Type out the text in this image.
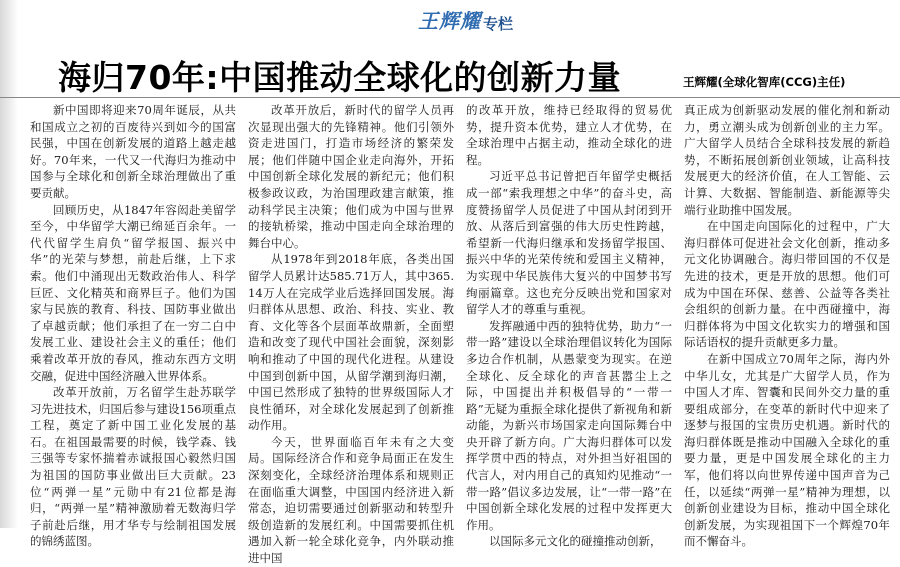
王辉耀 专栏
海归70年:中国推动全球化的创新力量	王辉耀(全球化智库(CCG)主任)

新中国即将迎来70周年诞辰，从共和国成立之初的百废待兴到如今的国富民强，中国在创新发展的道路上越走越好。70年来，一代又一代海归为推动中国参与全球化和创新全球治理做出了重要贡献。

回顾历史，从1847年容闳赴美留学至今，中华留学大潮已绵延百余年。一代代留学生肩负“留学报国、振兴中华”的光荣与梦想，前赴后继，上下求索。他们中涌现出无数政治伟人、科学巨匠、文化精英和商界巨子。他们为国家与民族的教育、科技、国防事业做出了卓越贡献；他们承担了在一穷二白中发展工业、建设社会主义的重任；他们乘着改革开放的春风，推动东西方文明交融，促进中国经济融入世界体系。

改革开放前，万名留学生赴苏联学习先进技术，归国后参与建设156项重点工程，奠定了新中国工业化发展的基石。在祖国最需要的时候，钱学森、钱三强等专家怀揣着赤诚报国心毅然归国为祖国的国防事业做出巨大贡献。23位“两弹一星”元勋中有21位都是海归，“两弹一星”精神激励着无数海归学子前赴后继，用才华专与绘制祖国发展的锦绣蓝图。

改革开放后，新时代的留学人员再次显现出强大的先锋精神。他们引领外资走进国门，打造市场经济的繁荣发展；他们伴随中国企业走向海外，开拓中国创新全球化发展的新纪元；他们积极参政议政，为治国理政建言献策，推动科学民主决策；他们成为中国与世界的接轨桥梁，推动中国走向全球治理的舞台中心。

从1978年到2018年底，各类出国留学人员累计达585.71万人，其中365.14万人在完成学业后选择回国发展。海归群体从思想、政治、科技、实业、教育、文化等各个层面革故鼎新，全面塑造和改变了现代中国社会面貌，深刻影响和推动了中国的现代化进程。从建设中国到创新中国，从留学潮到海归潮，中国已然形成了独特的世界级国际人才良性循环，对全球化发展起到了创新推动作用。

今天，世界面临百年未有之大变局。国际经济合作和竞争局面正在发生深刻变化，全球经济治理体系和规则正在面临重大调整，中国国内经济进入新常态，迫切需要通过创新驱动和转型升级创造新的发展红利。中国需要抓住机遇加入新一轮全球化竞争，内外联动推进中国

的改革开放，维持已经取得的贸易优势，提升资本优势，建立人才优势，在全球治理中占据主动，推动全球化的进程。

习近平总书记曾把百年留学史概括成一部“索我理想之中华”的奋斗史，高度赞扬留学人员促进了中国从封闭到开放、从落后到富强的伟大历史性跨越，希望新一代海归继承和发扬留学报国、振兴中华的光荣传统和爱国主义精神，为实现中华民族伟大复兴的中国梦书写绚丽篇章。这也充分反映出党和国家对留学人才的尊重与重视。

发挥融通中西的独特优势，助力“一带一路”建设以全球治理倡议转化为国际多边合作机制，从愚蒙变为现实。在逆全球化、反全球化的声音甚嚣尘上之际，中国提出并积极倡导的“一带一路”无疑为重振全球化提供了新视角和新动能，为新兴市场国家走向国际舞台中央开辟了新方向。广大海归群体可以发挥学贯中西的特点，对外担当好祖国的代言人，对内用自己的真知灼见推动“一带一路”倡议多边发展，让“一带一路”在中国创新全球化发展的过程中发挥更大作用。

以国际多元文化的碰撞推动创新，

真正成为创新驱动发展的催化剂和新动力，勇立潮头成为创新创业的主力军。广大留学人员结合全球科技发展的新趋势，不断拓展创新创业领域，让高科技发展更大的经济价值，在人工智能、云计算、大数据、智能制造、新能源等尖端行业助推中国发展。

在中国走向国际化的过程中，广大海归群体可促进社会文化创新，推动多元文化协调融合。海归带回国的不仅是先进的技术，更是开放的思想。他们可成为中国在环保、慈善、公益等各类社会组织的创新力量。在中西碰撞中，海归群体将为中国文化软实力的增强和国际话语权的提升贡献更多力量。

在新中国成立70周年之际，海内外中华儿女，尤其是广大留学人员，作为中国人才库、智囊和民间外交力量的重要组成部分，在变革的新时代中迎来了逐梦与报国的宝贵历史机遇。新时代的海归群体既是推动中国融入全球化的重要力量，更是中国发展全球化的主力军，他们将以向世界传递中国声音为己任，以延续“两弹一星”精神为理想，以创新创业建设为目标，推动中国全球化创新发展，为实现祖国下一个辉煌70年而不懈奋斗。
